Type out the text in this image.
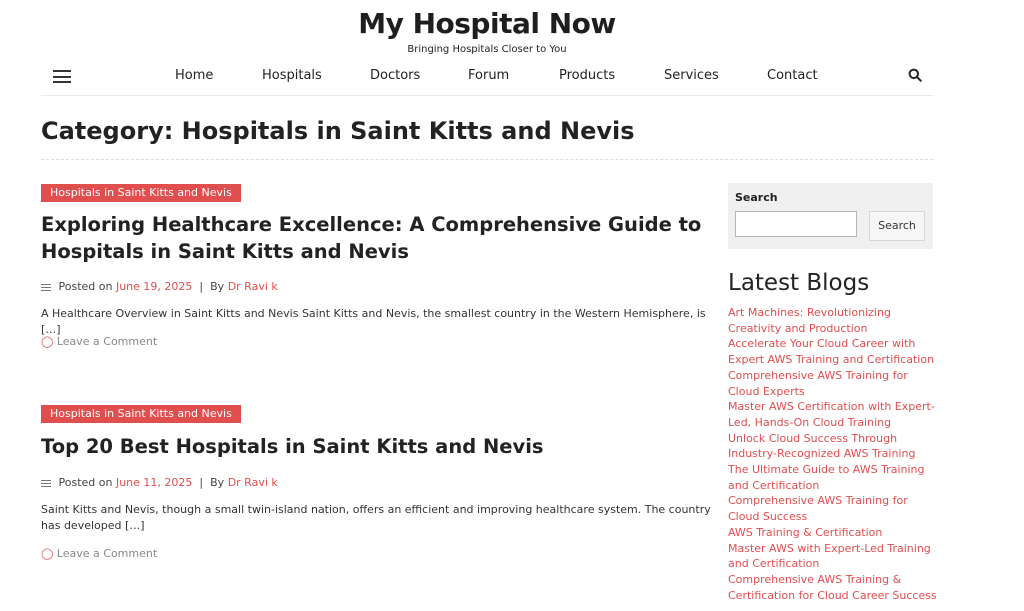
My Hospital Now
Bringing Hospitals Closer to You
Home	Hospitals	Doctors	Forum	Products	Services	Contact
Category: Hospitals in Saint Kitts and Nevis
Hospitals in Saint Kitts and Nevis
Exploring Healthcare Excellence: A Comprehensive Guide to Hospitals in Saint Kitts and Nevis
Posted on June 19, 2025 | By Dr Ravi k
A Healthcare Overview in Saint Kitts and Nevis Saint Kitts and Nevis, the smallest country in the Western Hemisphere, is […]
◯ Leave a Comment
Hospitals in Saint Kitts and Nevis
Top 20 Best Hospitals in Saint Kitts and Nevis
Posted on June 11, 2025 | By Dr Ravi k
Saint Kitts and Nevis, though a small twin-island nation, offers an efficient and improving healthcare system. The country has developed […]
◯ Leave a Comment
Search
Search
Latest Blogs
Art Machines: Revolutionizing Creativity and Production
Accelerate Your Cloud Career with Expert AWS Training and Certification
Comprehensive AWS Training for Cloud Experts
Master AWS Certification with Expert-Led, Hands-On Cloud Training
Unlock Cloud Success Through Industry-Recognized AWS Training
The Ultimate Guide to AWS Training and Certification
Comprehensive AWS Training for Cloud Success
AWS Training & Certification
Master AWS with Expert-Led Training and Certification
Comprehensive AWS Training & Certification for Cloud Career Success
